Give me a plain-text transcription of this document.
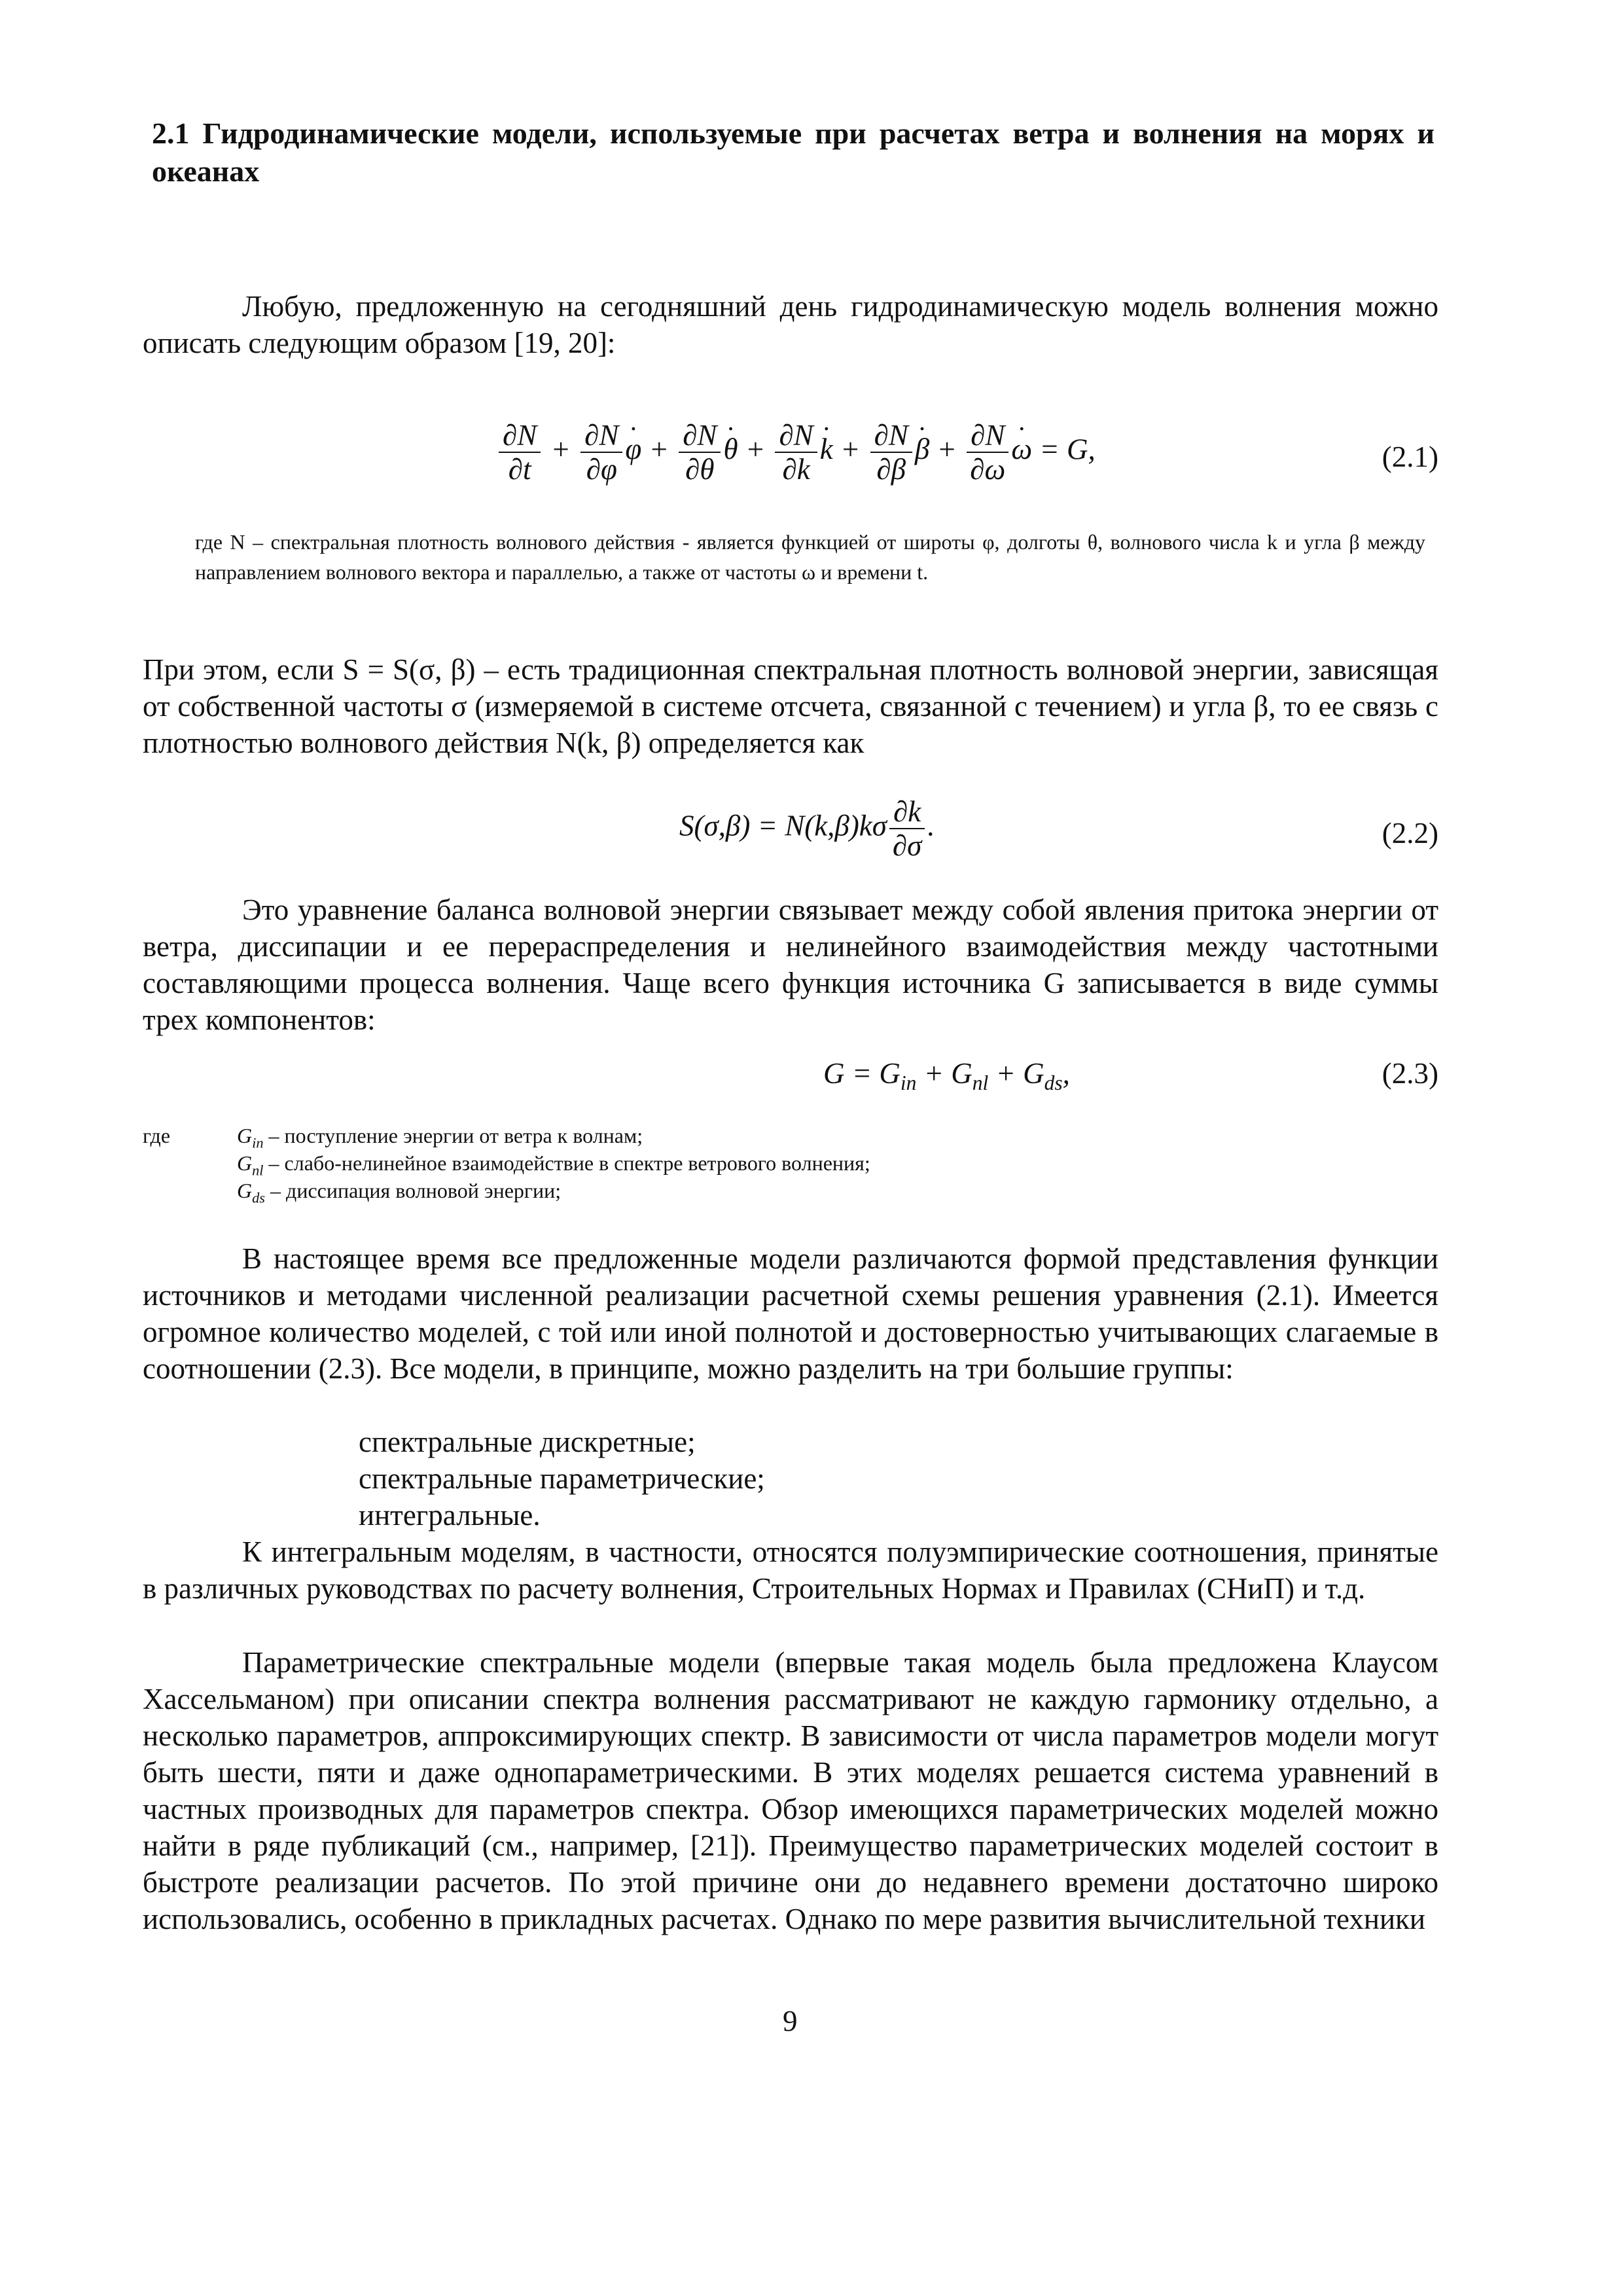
2.1 Гидродинамические модели, используемые при расчетах ветра и волнения на морях и океанах
Любую, предложенную на сегодняшний день гидродинамическую модель волнения можно описать следующим образом [19, 20]:
$\frac{\partial N}{\partial t} + \frac{\partial N}{\partial\varphi}$ ˙ $\varphi + \frac{\partial N}{\partial\theta}$ ˙ $\theta + \frac{\partial N}{\partial k}$ ˙ $k + \frac{\partial N}{\partial\beta}$ ˙ $\beta + \frac{\partial N}{\partial\omega}$ ˙ ω = G,	(2.1)
где N – спектральная плотность волнового действия - является функцией от широты φ, долготы θ, волнового числа k и угла β между направлением волнового вектора и параллелью, а также от частоты ω и времени t.
При этом, если S = S(σ, β) – есть традиционная спектральная плотность волновой энергии, зависящая от собственной частоты σ (измеряемой в системе отсчета, связанной с течением) и угла β, то ее связь с плотностью волнового действия N(k, β) определяется как
$S(\sigma,\beta) = N(k,\beta)k\sigma \frac{\partial k}{\partial\sigma}$ .	(2.2)
Это уравнение баланса волновой энергии связывает между собой явления притока энергии от ветра, диссипации и ее перераспределения и нелинейного взаимодействия между частотными составляющими процесса волнения. Чаще всего функция источника G записывается в виде суммы трех компонентов:
$G = G_{in} + G_{nl} + G_{ds}$,	(2.3)
где	$G_{in}$ – поступление энергии от ветра к волнам;
$G_{nl}$ – слабо-нелинейное взаимодействие в спектре ветрового волнения;
$G_{ds}$ – диссипация волновой энергии;
В настоящее время все предложенные модели различаются формой представления функции источников и методами численной реализации расчетной схемы решения уравнения (2.1). Имеется огромное количество моделей, с той или иной полнотой и достоверностью учитывающих слагаемые в соотношении (2.3). Все модели, в принципе, можно разделить на три большие группы:
спектральные дискретные;
спектральные параметрические;
интегральные.
К интегральным моделям, в частности, относятся полуэмпирические соотношения, принятые в различных руководствах по расчету волнения, Строительных Нормах и Правилах (СНиП) и т.д.
Параметрические спектральные модели (впервые такая модель была предложена Клаусом Хассельманом) при описании спектра волнения рассматривают не каждую гармонику отдельно, а несколько параметров, аппроксимирующих спектр. В зависимости от числа параметров модели могут быть шести, пяти и даже однопараметрическими. В этих моделях решается система уравнений в частных производных для параметров спектра. Обзор имеющихся параметрических моделей можно найти в ряде публикаций (см., например, [21]). Преимущество параметрических моделей состоит в быстроте реализации расчетов. По этой причине они до недавнего времени достаточно широко использовались, особенно в прикладных расчетах. Однако по мере развития вычислительной техники
9
